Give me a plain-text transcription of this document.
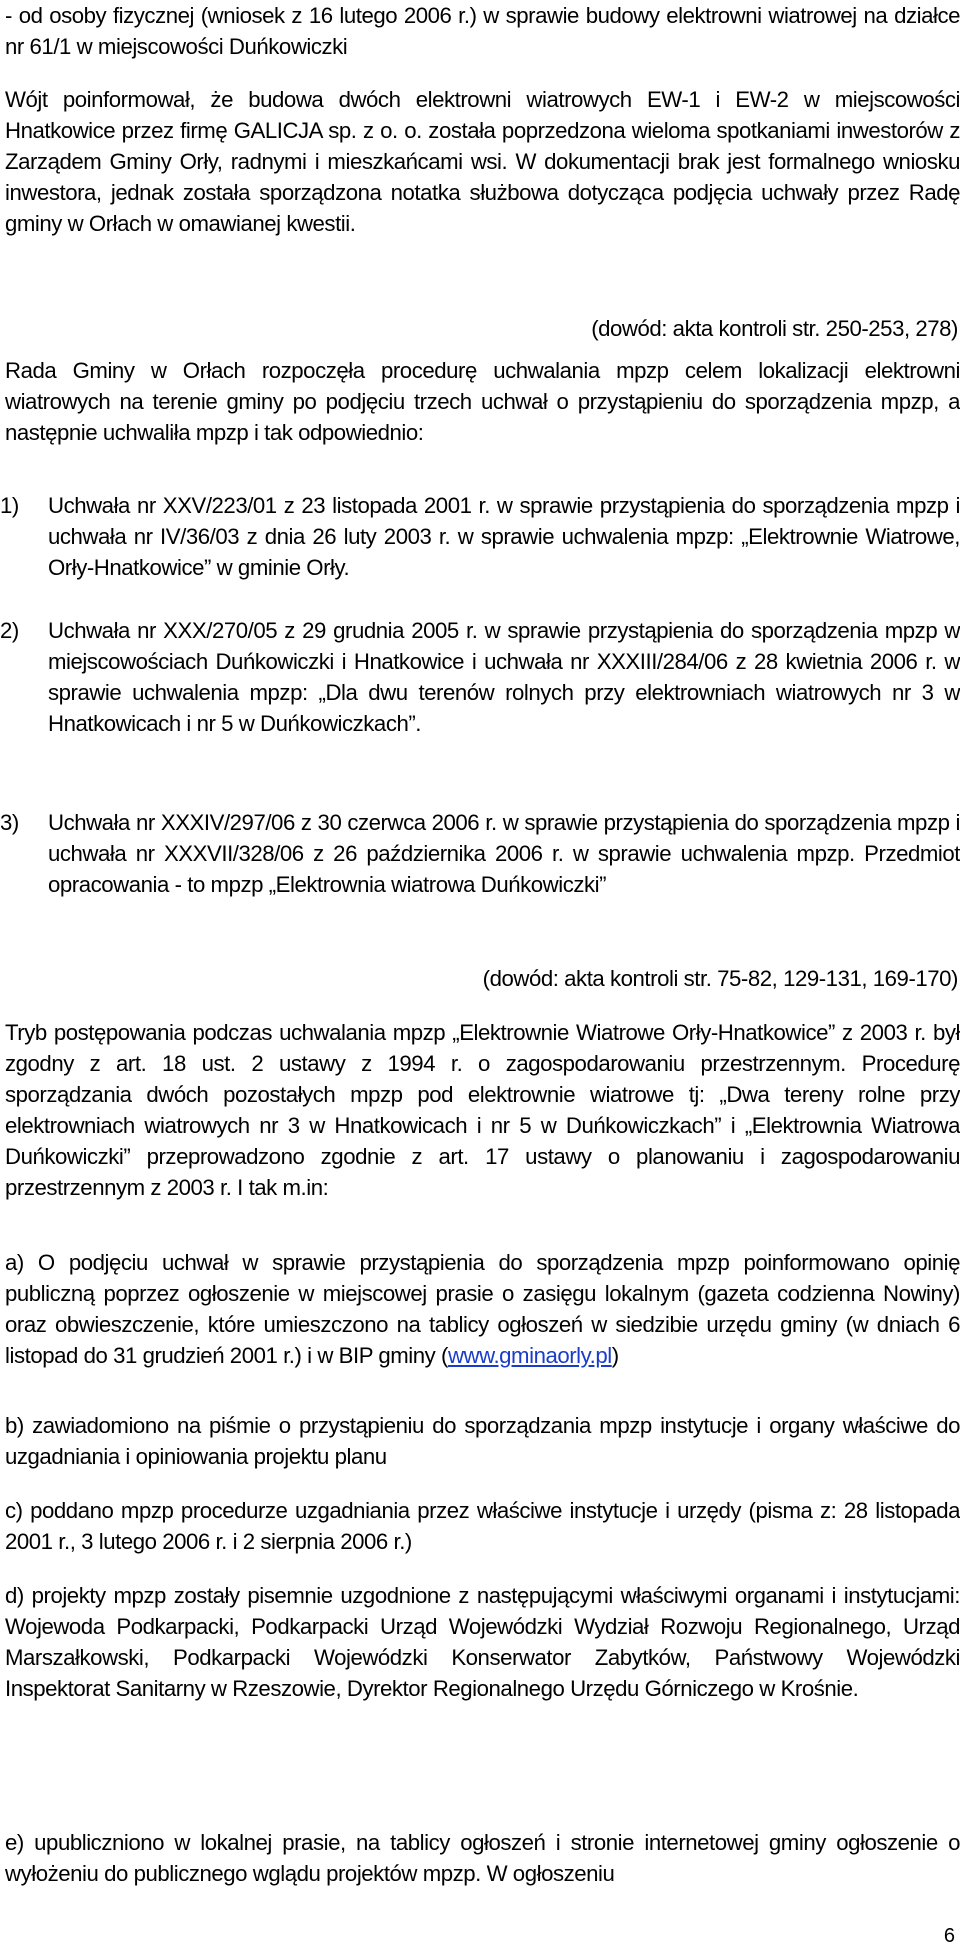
- od osoby fizycznej (wniosek z 16 lutego 2006 r.) w sprawie budowy elektrowni wiatrowej na działce nr 61/1 w miejscowości Duńkowiczki

Wójt poinformował, że budowa dwóch elektrowni wiatrowych EW-1 i EW-2 w miejscowości Hnatkowice przez firmę GALICJA sp. z o. o. została poprzedzona wieloma spotkaniami inwestorów z Zarządem Gminy Orły, radnymi i mieszkańcami wsi. W dokumentacji brak jest formalnego wniosku inwestora, jednak została sporządzona notatka służbowa dotycząca podjęcia uchwały przez Radę gminy w Orłach w omawianej kwestii.

(dowód: akta kontroli str. 250-253, 278)

Rada Gminy w Orłach rozpoczęła procedurę uchwalania mpzp celem lokalizacji elektrowni wiatrowych na terenie gminy po podjęciu trzech uchwał o przystąpieniu do sporządzenia mpzp, a następnie uchwaliła mpzp i tak odpowiednio:

1)	Uchwała nr XXV/223/01 z 23 listopada 2001 r. w sprawie przystąpienia do sporządzenia mpzp i uchwała nr IV/36/03 z dnia 26 luty 2003 r. w sprawie uchwalenia mpzp: „Elektrownie Wiatrowe, Orły-Hnatkowice” w gminie Orły.
2)	Uchwała nr XXX/270/05 z 29 grudnia 2005 r. w sprawie przystąpienia do sporządzenia mpzp w miejscowościach Duńkowiczki i Hnatkowice i uchwała nr XXXIII/284/06 z 28 kwietnia 2006 r. w sprawie uchwalenia mpzp: „Dla dwu terenów rolnych przy elektrowniach wiatrowych nr 3 w Hnatkowicach i nr 5 w Duńkowiczkach”.
3)	Uchwała nr XXXIV/297/06 z 30 czerwca 2006 r. w sprawie przystąpienia do sporządzenia mpzp i uchwała nr XXXVII/328/06 z 26 października 2006 r. w sprawie uchwalenia mpzp. Przedmiot opracowania - to mpzp „Elektrownia wiatrowa Duńkowiczki”

(dowód: akta kontroli str. 75-82, 129-131, 169-170)

Tryb postępowania podczas uchwalania mpzp „Elektrownie Wiatrowe Orły-Hnatkowice” z 2003 r. był zgodny z art. 18 ust. 2 ustawy z 1994 r. o zagospodarowaniu przestrzennym. Procedurę sporządzania dwóch pozostałych mpzp pod elektrownie wiatrowe tj: „Dwa tereny rolne przy elektrowniach wiatrowych nr 3 w Hnatkowicach i nr 5 w Duńkowiczkach” i „Elektrownia Wiatrowa Duńkowiczki” przeprowadzono zgodnie z art. 17 ustawy o planowaniu i zagospodarowaniu przestrzennym z 2003 r. I tak m.in:

a) O podjęciu uchwał w sprawie przystąpienia do sporządzenia mpzp poinformowano opinię publiczną poprzez ogłoszenie w miejscowej prasie o zasięgu lokalnym (gazeta codzienna Nowiny) oraz obwieszczenie, które umieszczono na tablicy ogłoszeń w siedzibie urzędu gminy (w dniach 6 listopad do 31 grudzień 2001 r.) i w BIP gminy (www.gminaorly.pl)

b) zawiadomiono na piśmie o przystąpieniu do sporządzania mpzp instytucje i organy właściwe do uzgadniania i opiniowania projektu planu

c) poddano mpzp procedurze uzgadniania przez właściwe instytucje i urzędy (pisma z: 28 listopada 2001 r., 3 lutego 2006 r. i 2 sierpnia 2006 r.)

d) projekty mpzp zostały pisemnie uzgodnione z następującymi właściwymi organami i instytucjami: Wojewoda Podkarpacki, Podkarpacki Urząd Wojewódzki Wydział Rozwoju Regionalnego, Urząd Marszałkowski, Podkarpacki Wojewódzki Konserwator Zabytków, Państwowy Wojewódzki Inspektorat Sanitarny w Rzeszowie, Dyrektor Regionalnego Urzędu Górniczego w Krośnie.

e) upubliczniono w lokalnej prasie, na tablicy ogłoszeń i stronie internetowej gminy ogłoszenie o wyłożeniu do publicznego wglądu projektów mpzp. W ogłoszeniu

6
